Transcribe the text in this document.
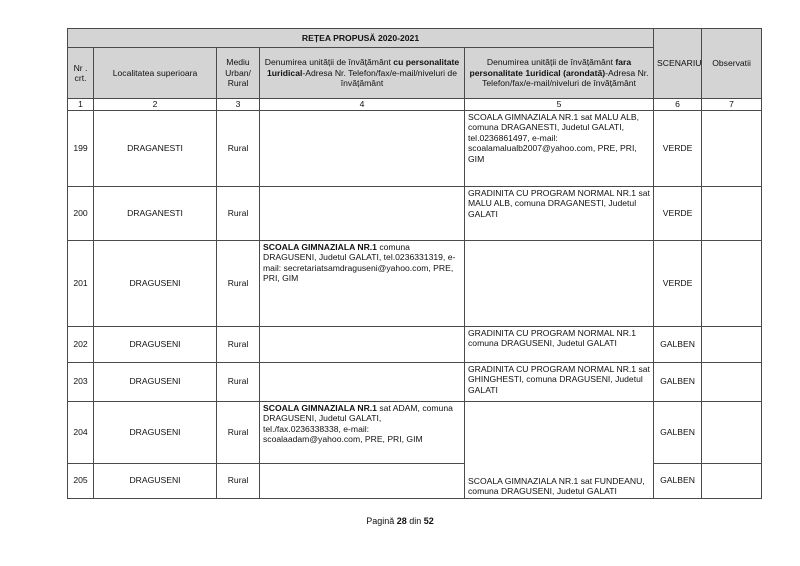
REȚEA PROPUSĂ 2020-2021					SCENARIU	Observatii
Nr . crt.	Localitatea superioara	Mediu Urban/ Rural	Denumirea unității de învățământ cu personalitate 1uridical-Adresa Nr. Telefon/fax/e-mail/niveluri de învățământ	Denumirea unității de învățământ fara personalitate 1uridical (arondată)-Adresa Nr. Telefon/fax/e-mail/niveluri de învățământ		
1	2	3	4	5	6	7
199	DRAGANESTI	Rural		SCOALA GIMNAZIALA NR.1 sat MALU ALB, comuna DRAGANESTI, Judetul GALATI, tel.0236861497, e-mail: scoalamalualb2007@yahoo.com, PRE, PRI, GIM	VERDE	
200	DRAGANESTI	Rural		GRADINITA CU PROGRAM NORMAL NR.1 sat MALU ALB, comuna DRAGANESTI, Judetul GALATI	VERDE	
201	DRAGUSENI	Rural	SCOALA GIMNAZIALA NR.1 comuna DRAGUSENI, Judetul GALATI, tel.0236331319, e-mail: secretariatsamdraguseni@yahoo.com, PRE, PRI, GIM		VERDE	
202	DRAGUSENI	Rural		GRADINITA CU PROGRAM NORMAL NR.1 comuna DRAGUSENI, Judetul GALATI	GALBEN	
203	DRAGUSENI	Rural		GRADINITA CU PROGRAM NORMAL NR.1 sat GHINGHESTI, comuna DRAGUSENI, Judetul GALATI	GALBEN	
204	DRAGUSENI	Rural	SCOALA GIMNAZIALA NR.1 sat ADAM, comuna DRAGUSENI, Judetul GALATI, tel./fax.0236338338, e-mail: scoalaadam@yahoo.com, PRE, PRI, GIM	SCOALA GIMNAZIALA NR.1 sat FUNDEANU, comuna DRAGUSENI, Judetul GALATI	GALBEN	
205	DRAGUSENI	Rural			GALBEN	
Pagină 28 din 52
